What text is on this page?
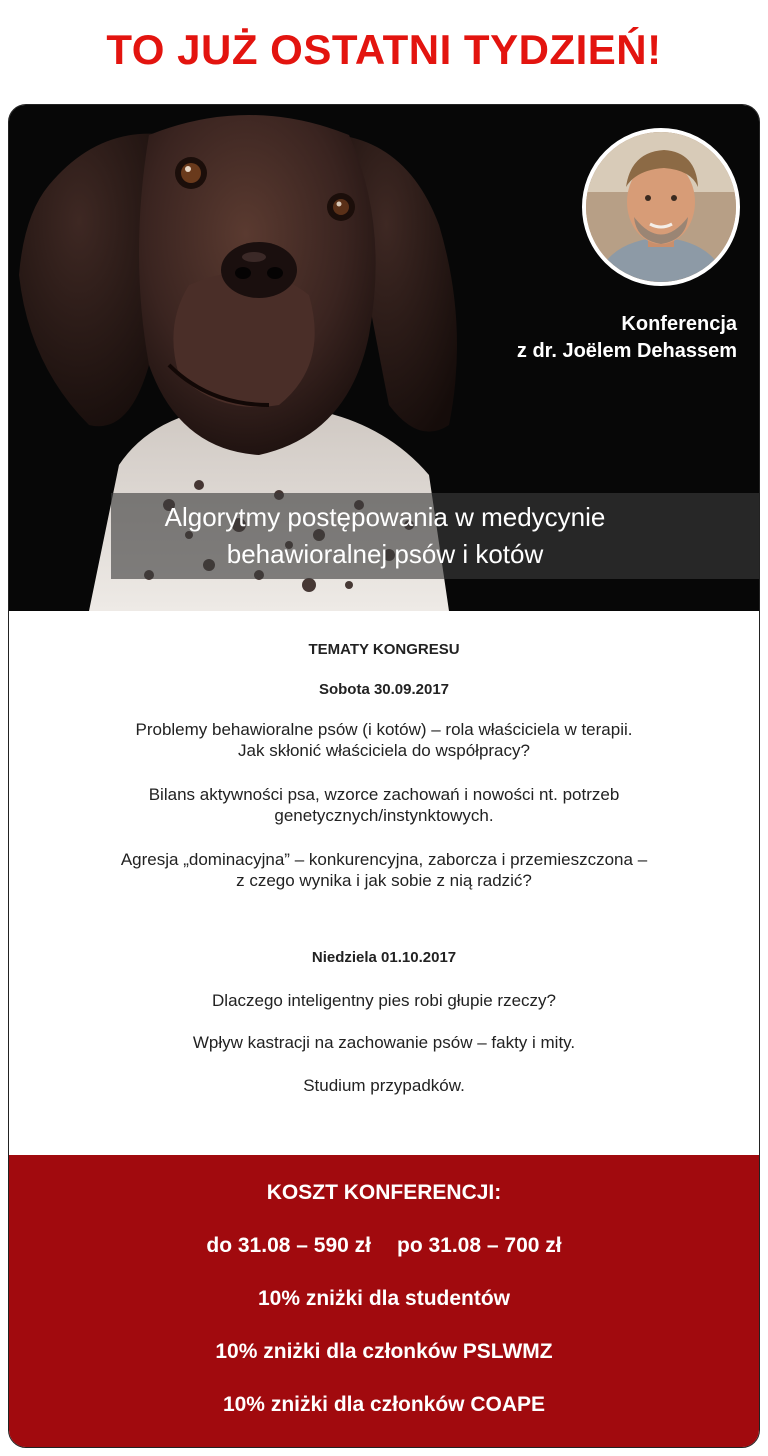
TO JUŻ OSTATNI TYDZIEŃ!
Konferencja
z dr. Joëlem Dehassem
Algorytmy postępowania w medycynie
behawioralnej psów i kotów
TEMATY KONGRESU
Sobota 30.09.2017
Problemy behawioralne psów (i kotów) – rola właściciela w terapii.
Jak skłonić właściciela do współpracy?
Bilans aktywności psa, wzorce zachowań i nowości nt. potrzeb
genetycznych/instynktowych.
Agresja „dominacyjna” – konkurencyjna, zaborcza i przemieszczona –
z czego wynika i jak sobie z nią radzić?
Niedziela 01.10.2017
Dlaczego inteligentny pies robi głupie rzeczy?
Wpływ kastracji na zachowanie psów – fakty i mity.
Studium przypadków.
KOSZT KONFERENCJI:
do 31.08 – 590 zł po 31.08 – 700 zł
10% zniżki dla studentów
10% zniżki dla członków PSLWMZ
10% zniżki dla członków COAPE
